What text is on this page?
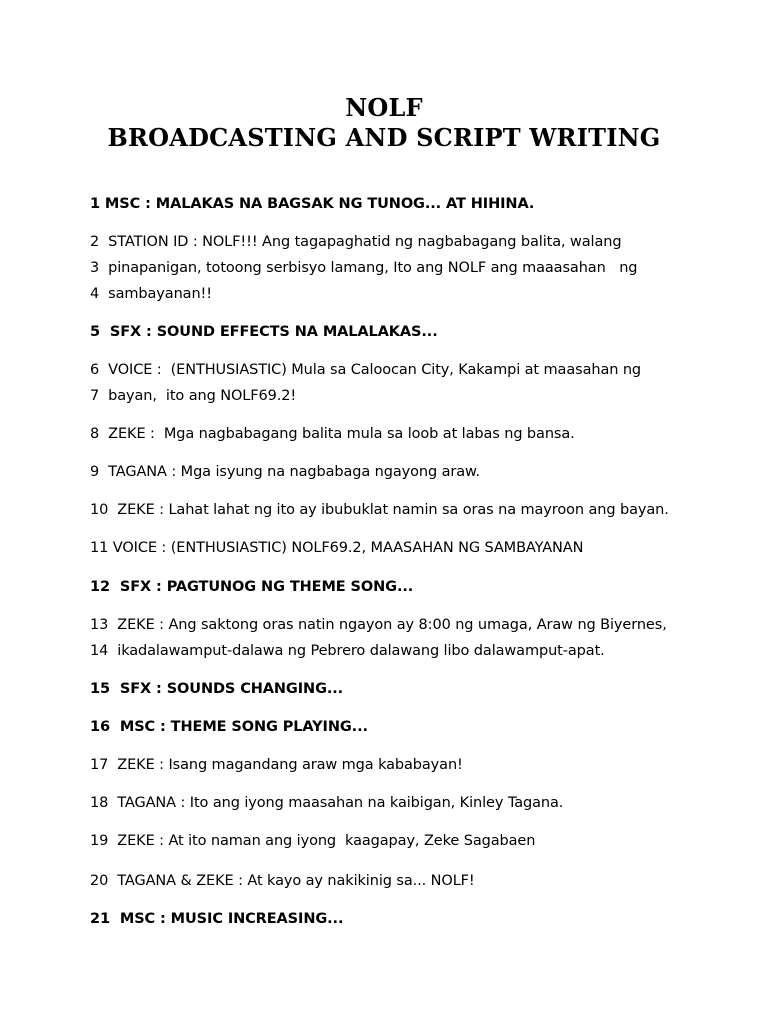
NOLF
BROADCASTING AND SCRIPT WRITING
1 MSC : MALAKAS NA BAGSAK NG TUNOG... AT HIHINA.
2  STATION ID : NOLF!!! Ang tagapaghatid ng nagbabagang balita, walang
3  pinapanigan, totoong serbisyo lamang, Ito ang NOLF ang maaasahan   ng
4  sambayanan!!
5  SFX : SOUND EFFECTS NA MALALAKAS...
6  VOICE :  (ENTHUSIASTIC) Mula sa Caloocan City, Kakampi at maasahan ng
7  bayan,  ito ang NOLF69.2!
8  ZEKE :  Mga nagbabagang balita mula sa loob at labas ng bansa.
9  TAGANA : Mga isyung na nagbabaga ngayong araw.
10  ZEKE : Lahat lahat ng ito ay ibubuklat namin sa oras na mayroon ang bayan.
11 VOICE : (ENTHUSIASTIC) NOLF69.2, MAASAHAN NG SAMBAYANAN
12  SFX : PAGTUNOG NG THEME SONG...
13  ZEKE : Ang saktong oras natin ngayon ay 8:00 ng umaga, Araw ng Biyernes,
14  ikadalawamput-dalawa ng Pebrero dalawang libo dalawamput-apat.
15  SFX : SOUNDS CHANGING...
16  MSC : THEME SONG PLAYING...
17  ZEKE : Isang magandang araw mga kababayan!
18  TAGANA : Ito ang iyong maasahan na kaibigan, Kinley Tagana.
19  ZEKE : At ito naman ang iyong  kaagapay, Zeke Sagabaen
20  TAGANA & ZEKE : At kayo ay nakikinig sa... NOLF!
21  MSC : MUSIC INCREASING...
